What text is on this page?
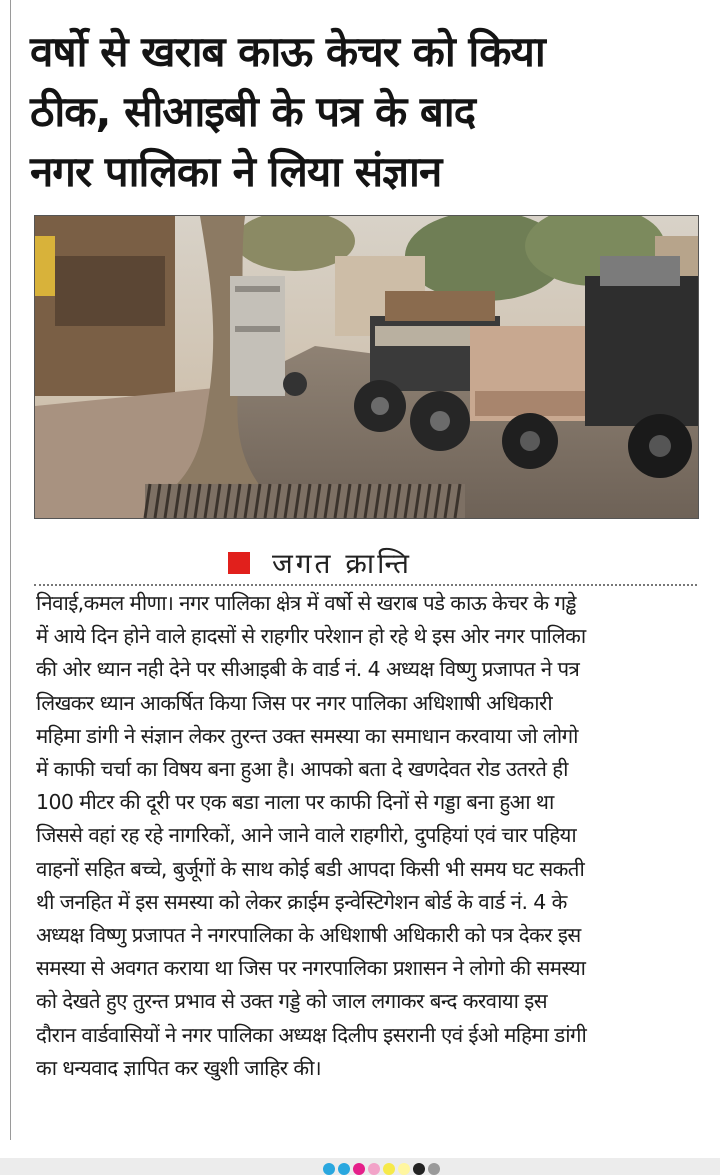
वर्षो से खराब काऊ केचर को किया
ठीक, सीआइबी के पत्र के बाद
नगर पालिका ने लिया संज्ञान
जगत क्रान्ति

निवाई,कमल मीणा। नगर पालिका क्षेत्र में वर्षो से खराब पडे काऊ केचर के गड्ढे
में आये दिन होने वाले हादसों से राहगीर परेशान हो रहे थे इस ओर नगर पालिका
की ओर ध्यान नही देने पर सीआइबी के वार्ड नं. 4 अध्यक्ष विष्णु प्रजापत ने पत्र
लिखकर ध्यान आकर्षित किया जिस पर नगर पालिका अधिशाषी अधिकारी
महिमा डांगी ने संज्ञान लेकर तुरन्त उक्त समस्या का समाधान करवाया जो लोगो
में काफी चर्चा का विषय बना हुआ है। आपको बता दे खणदेवत रोड उतरते ही
100 मीटर की दूरी पर एक बडा नाला पर काफी दिनों से गड्डा बना हुआ था
जिससे वहां रह रहे नागरिकों, आने जाने वाले राहगीरो, दुपहियां एवं चार पहिया
वाहनों सहित बच्चे, बुर्जूगों के साथ कोई बडी आपदा किसी भी समय घट सकती
थी जनहित में इस समस्या को लेकर क्राईम इन्वेस्टिगेशन बोर्ड के वार्ड नं. 4 के
अध्यक्ष विष्णु प्रजापत ने नगरपालिका के अधिशाषी अधिकारी को पत्र देकर इस
समस्या से अवगत कराया था जिस पर नगरपालिका प्रशासन ने लोगो की समस्या
को देखते हुए तुरन्त प्रभाव से उक्त गड्डे को जाल लगाकर बन्द करवाया इस
दौरान वार्डवासियों ने नगर पालिका अध्यक्ष दिलीप इसरानी एवं ईओ महिमा डांगी
का धन्यवाद ज्ञापित कर खुशी जाहिर की।
